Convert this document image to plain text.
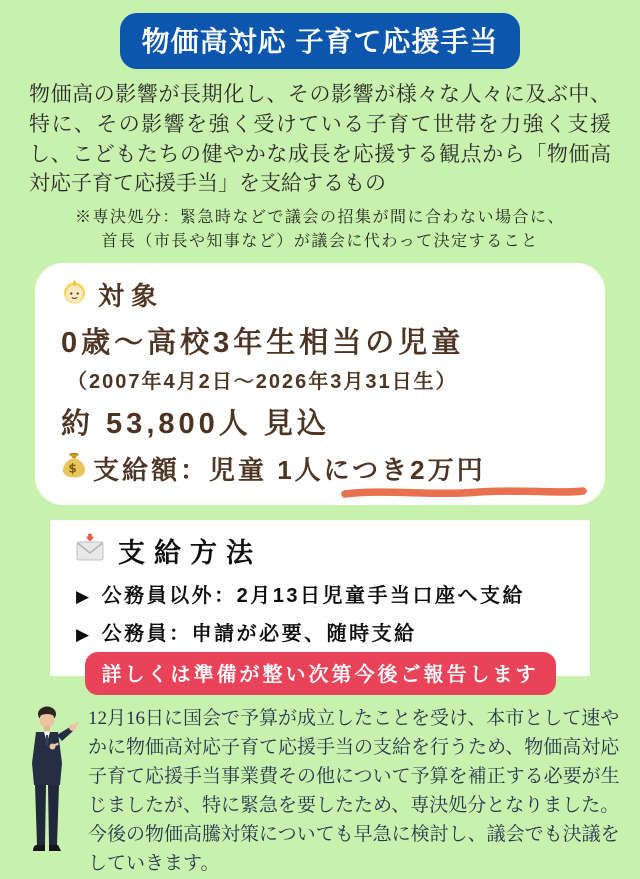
物価高対応 子育て応援手当
物価高の影響が長期化し、その影響が様々な人々に及ぶ中、特に、その影響を強く受けている子育て世帯を力強く支援し、こどもたちの健やかな成長を応援する観点から「物価高対応子育て応援手当」を支給するもの
※専決処分：緊急時などで議会の招集が間に合わない場合に、
首長（市長や知事など）が議会に代わって決定すること
対象
0歳～高校3年生相当の児童
（2007年4月2日～2026年3月31日生）
約 53,800人 見込
$ 支給額：児童 1人につき2万円
支給方法
▶ 公務員以外：2月13日児童手当口座へ支給
▶ 公務員：申請が必要、随時支給
詳しくは準備が整い次第今後ご報告します
12月16日に国会で予算が成立したことを受け、本市として速やかに物価高対応子育て応援手当の支給を行うため、物価高対応子育て応援手当事業費その他について予算を補正する必要が生じましたが、特に緊急を要したため、専決処分となりました。 今後の物価高騰対策についても早急に検討し、議会でも決議をしていきます。
